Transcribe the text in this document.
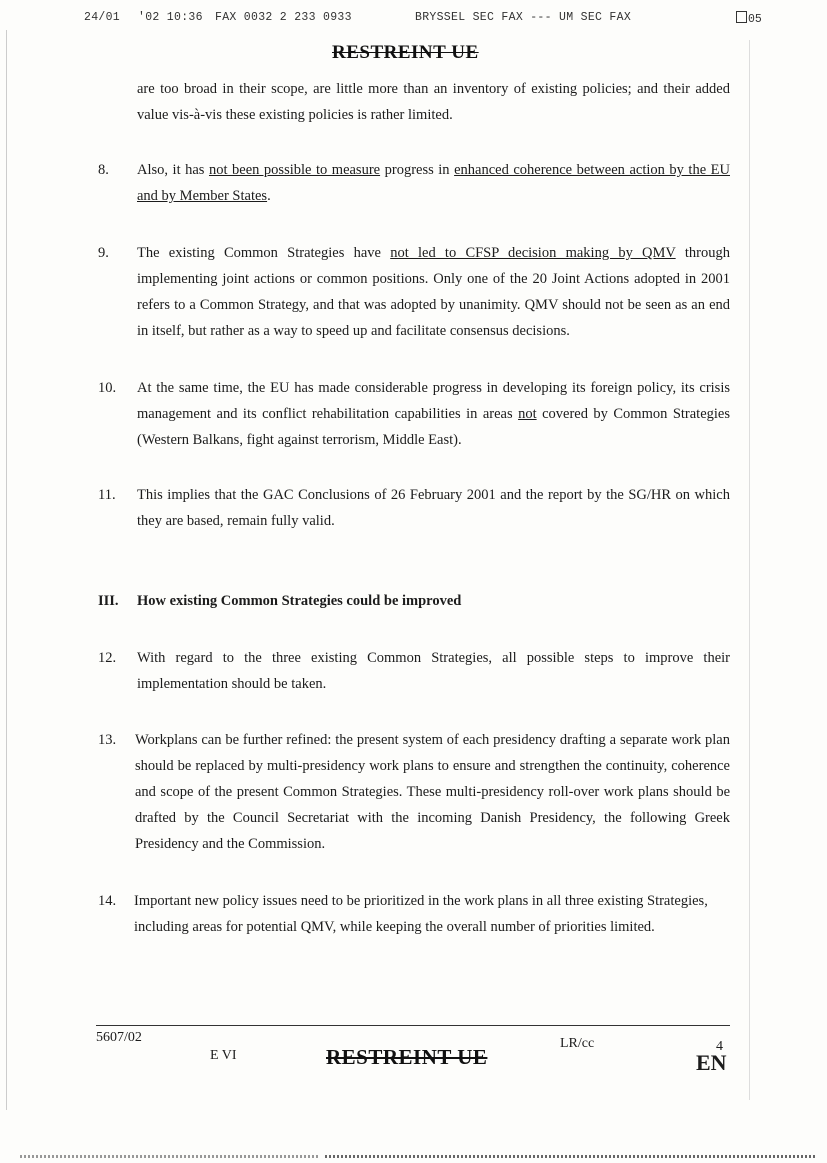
24/01 '02 10:36 FAX 0032 2 233 0933	BRYSSEL SEC FAX --- UM SEC FAX	05
RESTREINT UE
are too broad in their scope, are little more than an inventory of existing policies; and their added value vis-à-vis these existing policies is rather limited.
8. Also, it has not been possible to measure progress in enhanced coherence between action by the EU and by Member States.
9. The existing Common Strategies have not led to CFSP decision making by QMV through implementing joint actions or common positions. Only one of the 20 Joint Actions adopted in 2001 refers to a Common Strategy, and that was adopted by unanimity. QMV should not be seen as an end in itself, but rather as a way to speed up and facilitate consensus decisions.
10. At the same time, the EU has made considerable progress in developing its foreign policy, its crisis management and its conflict rehabilitation capabilities in areas not covered by Common Strategies (Western Balkans, fight against terrorism, Middle East).
11. This implies that the GAC Conclusions of 26 February 2001 and the report by the SG/HR on which they are based, remain fully valid.
III. How existing Common Strategies could be improved
12. With regard to the three existing Common Strategies, all possible steps to improve their implementation should be taken.
13. Workplans can be further refined: the present system of each presidency drafting a separate work plan should be replaced by multi-presidency work plans to ensure and strengthen the continuity, coherence and scope of the present Common Strategies. These multi-presidency roll-over work plans should be drafted by the Council Secretariat with the incoming Danish Presidency, the following Greek Presidency and the Commission.
14. Important new policy issues need to be prioritized in the work plans in all three existing Strategies, including areas for potential QMV, while keeping the overall number of priorities limited.
5607/02	LR/cc	4
E VI	RESTREINT UE	EN
